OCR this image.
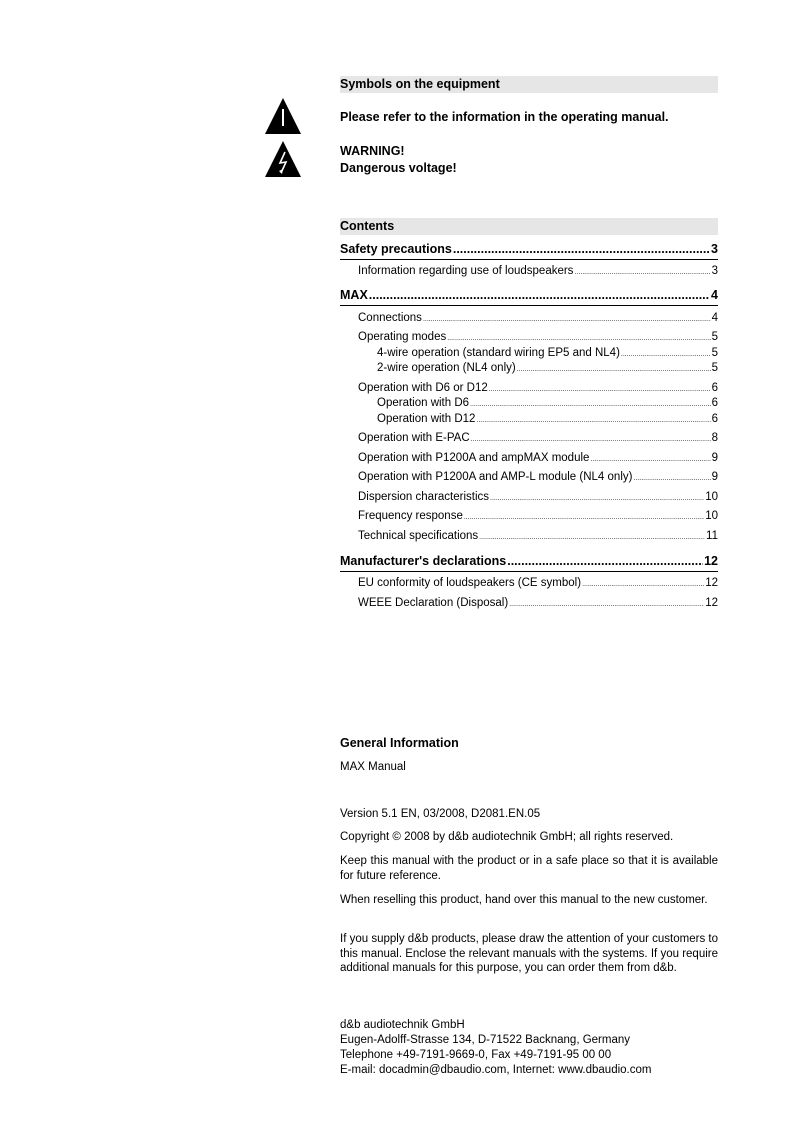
Symbols on the equipment
Please refer to the information in the operating manual.
WARNING!
Dangerous voltage!
Contents
Safety precautions .....	3
Information regarding use of loudspeakers .....	3
MAX .....	4
Connections .....	4
Operating modes .....	5
4-wire operation (standard wiring EP5 and NL4) .....	5
2-wire operation (NL4 only) .....	5
Operation with D6 or D12 .....	6
Operation with D6 .....	6
Operation with D12 .....	6
Operation with E-PAC .....	8
Operation with P1200A and ampMAX module .....	9
Operation with P1200A and AMP-L module (NL4 only) .....	9
Dispersion characteristics .....	10
Frequency response .....	10
Technical specifications .....	11
Manufacturer's declarations .....	12
EU conformity of loudspeakers (CE symbol) .....	12
WEEE Declaration (Disposal) .....	12
General Information
MAX Manual
Version 5.1 EN, 03/2008, D2081.EN.05
Copyright © 2008 by d&b audiotechnik GmbH; all rights reserved.
Keep this manual with the product or in a safe place so that it is available for future reference.
When reselling this product, hand over this manual to the new customer.
If you supply d&b products, please draw the attention of your customers to this manual. Enclose the relevant manuals with the systems. If you require additional manuals for this purpose, you can order them from d&b.
d&b audiotechnik GmbH
Eugen-Adolff-Strasse 134, D-71522 Backnang, Germany
Telephone +49-7191-9669-0, Fax +49-7191-95 00 00
E-mail: docadmin@dbaudio.com, Internet: www.dbaudio.com
